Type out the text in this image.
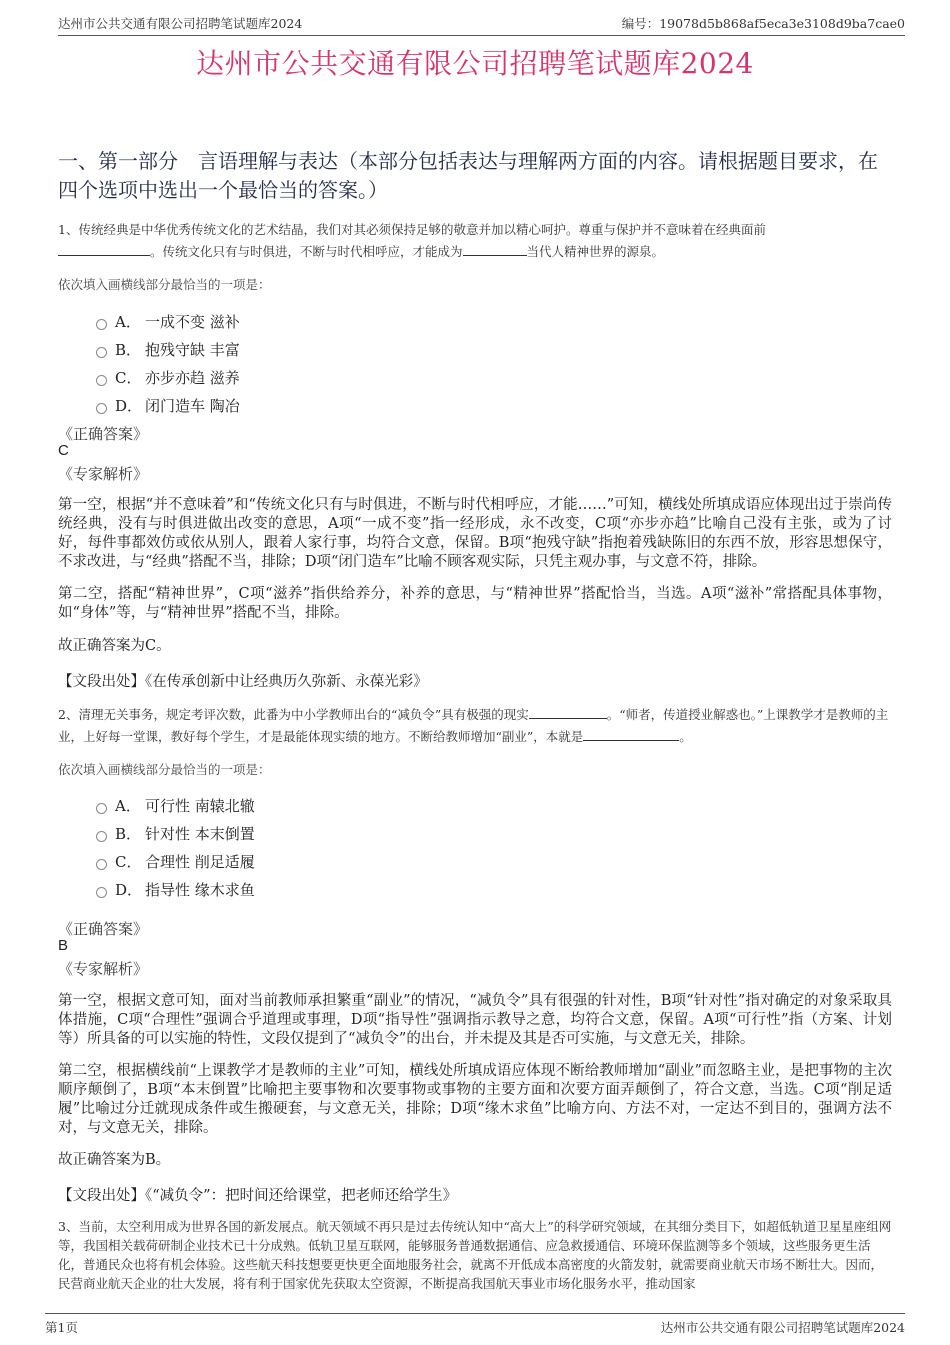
达州市公共交通有限公司招聘笔试题库2024	编号：19078d5b868af5eca3e3108d9ba7cae0
达州市公共交通有限公司招聘笔试题库2024
一、第一部分　言语理解与表达（本部分包括表达与理解两方面的内容。请根据题目要求，在四个选项中选出一个最恰当的答案。）
1、传统经典是中华优秀传统文化的艺术结晶，我们对其必须保持足够的敬意并加以精心呵护。尊重与保护并不意味着在经典面前
。传统文化只有与时俱进，不断与时代相呼应，才能成为	当代人精神世界的源泉。
依次填入画横线部分最恰当的一项是：
A． 一成不变 滋补
B． 抱残守缺 丰富
C． 亦步亦趋 滋养
D． 闭门造车 陶冶
《正确答案》
C
《专家解析》
第一空，根据“并不意味着”和“传统文化只有与时俱进，不断与时代相呼应，才能……”可知，横线处所填成语应体现出过于崇尚传统经典，没有与时俱进做出改变的意思，A项“一成不变”指一经形成，永不改变，C项“亦步亦趋”比喻自己没有主张，或为了讨好，每件事都效仿或依从别人，跟着人家行事，均符合文意，保留。B项“抱残守缺”指抱着残缺陈旧的东西不放，形容思想保守，不求改进，与“经典”搭配不当，排除；D项“闭门造车”比喻不顾客观实际，只凭主观办事，与文意不符，排除。
第二空，搭配“精神世界”，C项“滋养”指供给养分，补养的意思，与“精神世界”搭配恰当，当选。A项“滋补”常搭配具体事物，如“身体”等，与“精神世界”搭配不当，排除。
故正确答案为C。
【文段出处】《在传承创新中让经典历久弥新、永葆光彩》
2、清理无关事务，规定考评次数，此番为中小学教师出台的“减负令”具有极强的现实	。“师者，传道授业解惑也。”上课教学才是教师的主业，上好每一堂课，教好每个学生，才是最能体现实绩的地方。不断给教师增加“副业”，本就是	。
依次填入画横线部分最恰当的一项是：
A． 可行性 南辕北辙
B． 针对性 本末倒置
C． 合理性 削足适履
D． 指导性 缘木求鱼
《正确答案》
B
《专家解析》
第一空，根据文意可知，面对当前教师承担繁重“副业”的情况，“减负令”具有很强的针对性，B项“针对性”指对确定的对象采取具体措施，C项“合理性”强调合乎道理或事理，D项“指导性”强调指示教导之意，均符合文意，保留。A项“可行性”指（方案、计划等）所具备的可以实施的特性，文段仅提到了“减负令”的出台，并未提及其是否可实施，与文意无关，排除。
第二空，根据横线前“上课教学才是教师的主业”可知，横线处所填成语应体现不断给教师增加“副业”而忽略主业，是把事物的主次顺序颠倒了，B项“本末倒置”比喻把主要事物和次要事物或事物的主要方面和次要方面弄颠倒了，符合文意，当选。C项“削足适履”比喻过分迁就现成条件或生搬硬套，与文意无关，排除；D项“缘木求鱼”比喻方向、方法不对，一定达不到目的，强调方法不对，与文意无关，排除。
故正确答案为B。
【文段出处】《“减负令”：把时间还给课堂，把老师还给学生》
3、当前，太空利用成为世界各国的新发展点。航天领域不再只是过去传统认知中“高大上”的科学研究领域，在其细分类目下，如超低轨道卫星星座组网等，我国相关载荷研制企业技术已十分成熟。低轨卫星互联网，能够服务普通数据通信、应急救援通信、环境环保监测等多个领域，这些服务更生活化，普通民众也将有机会体验。这些航天科技想要更快更全面地服务社会，就离不开低成本高密度的火箭发射，就需要商业航天市场不断壮大。因而，民营商业航天企业的壮大发展，将有利于国家优先获取太空资源，不断提高我国航天事业市场化服务水平，推动国家
第1页	达州市公共交通有限公司招聘笔试题库2024
